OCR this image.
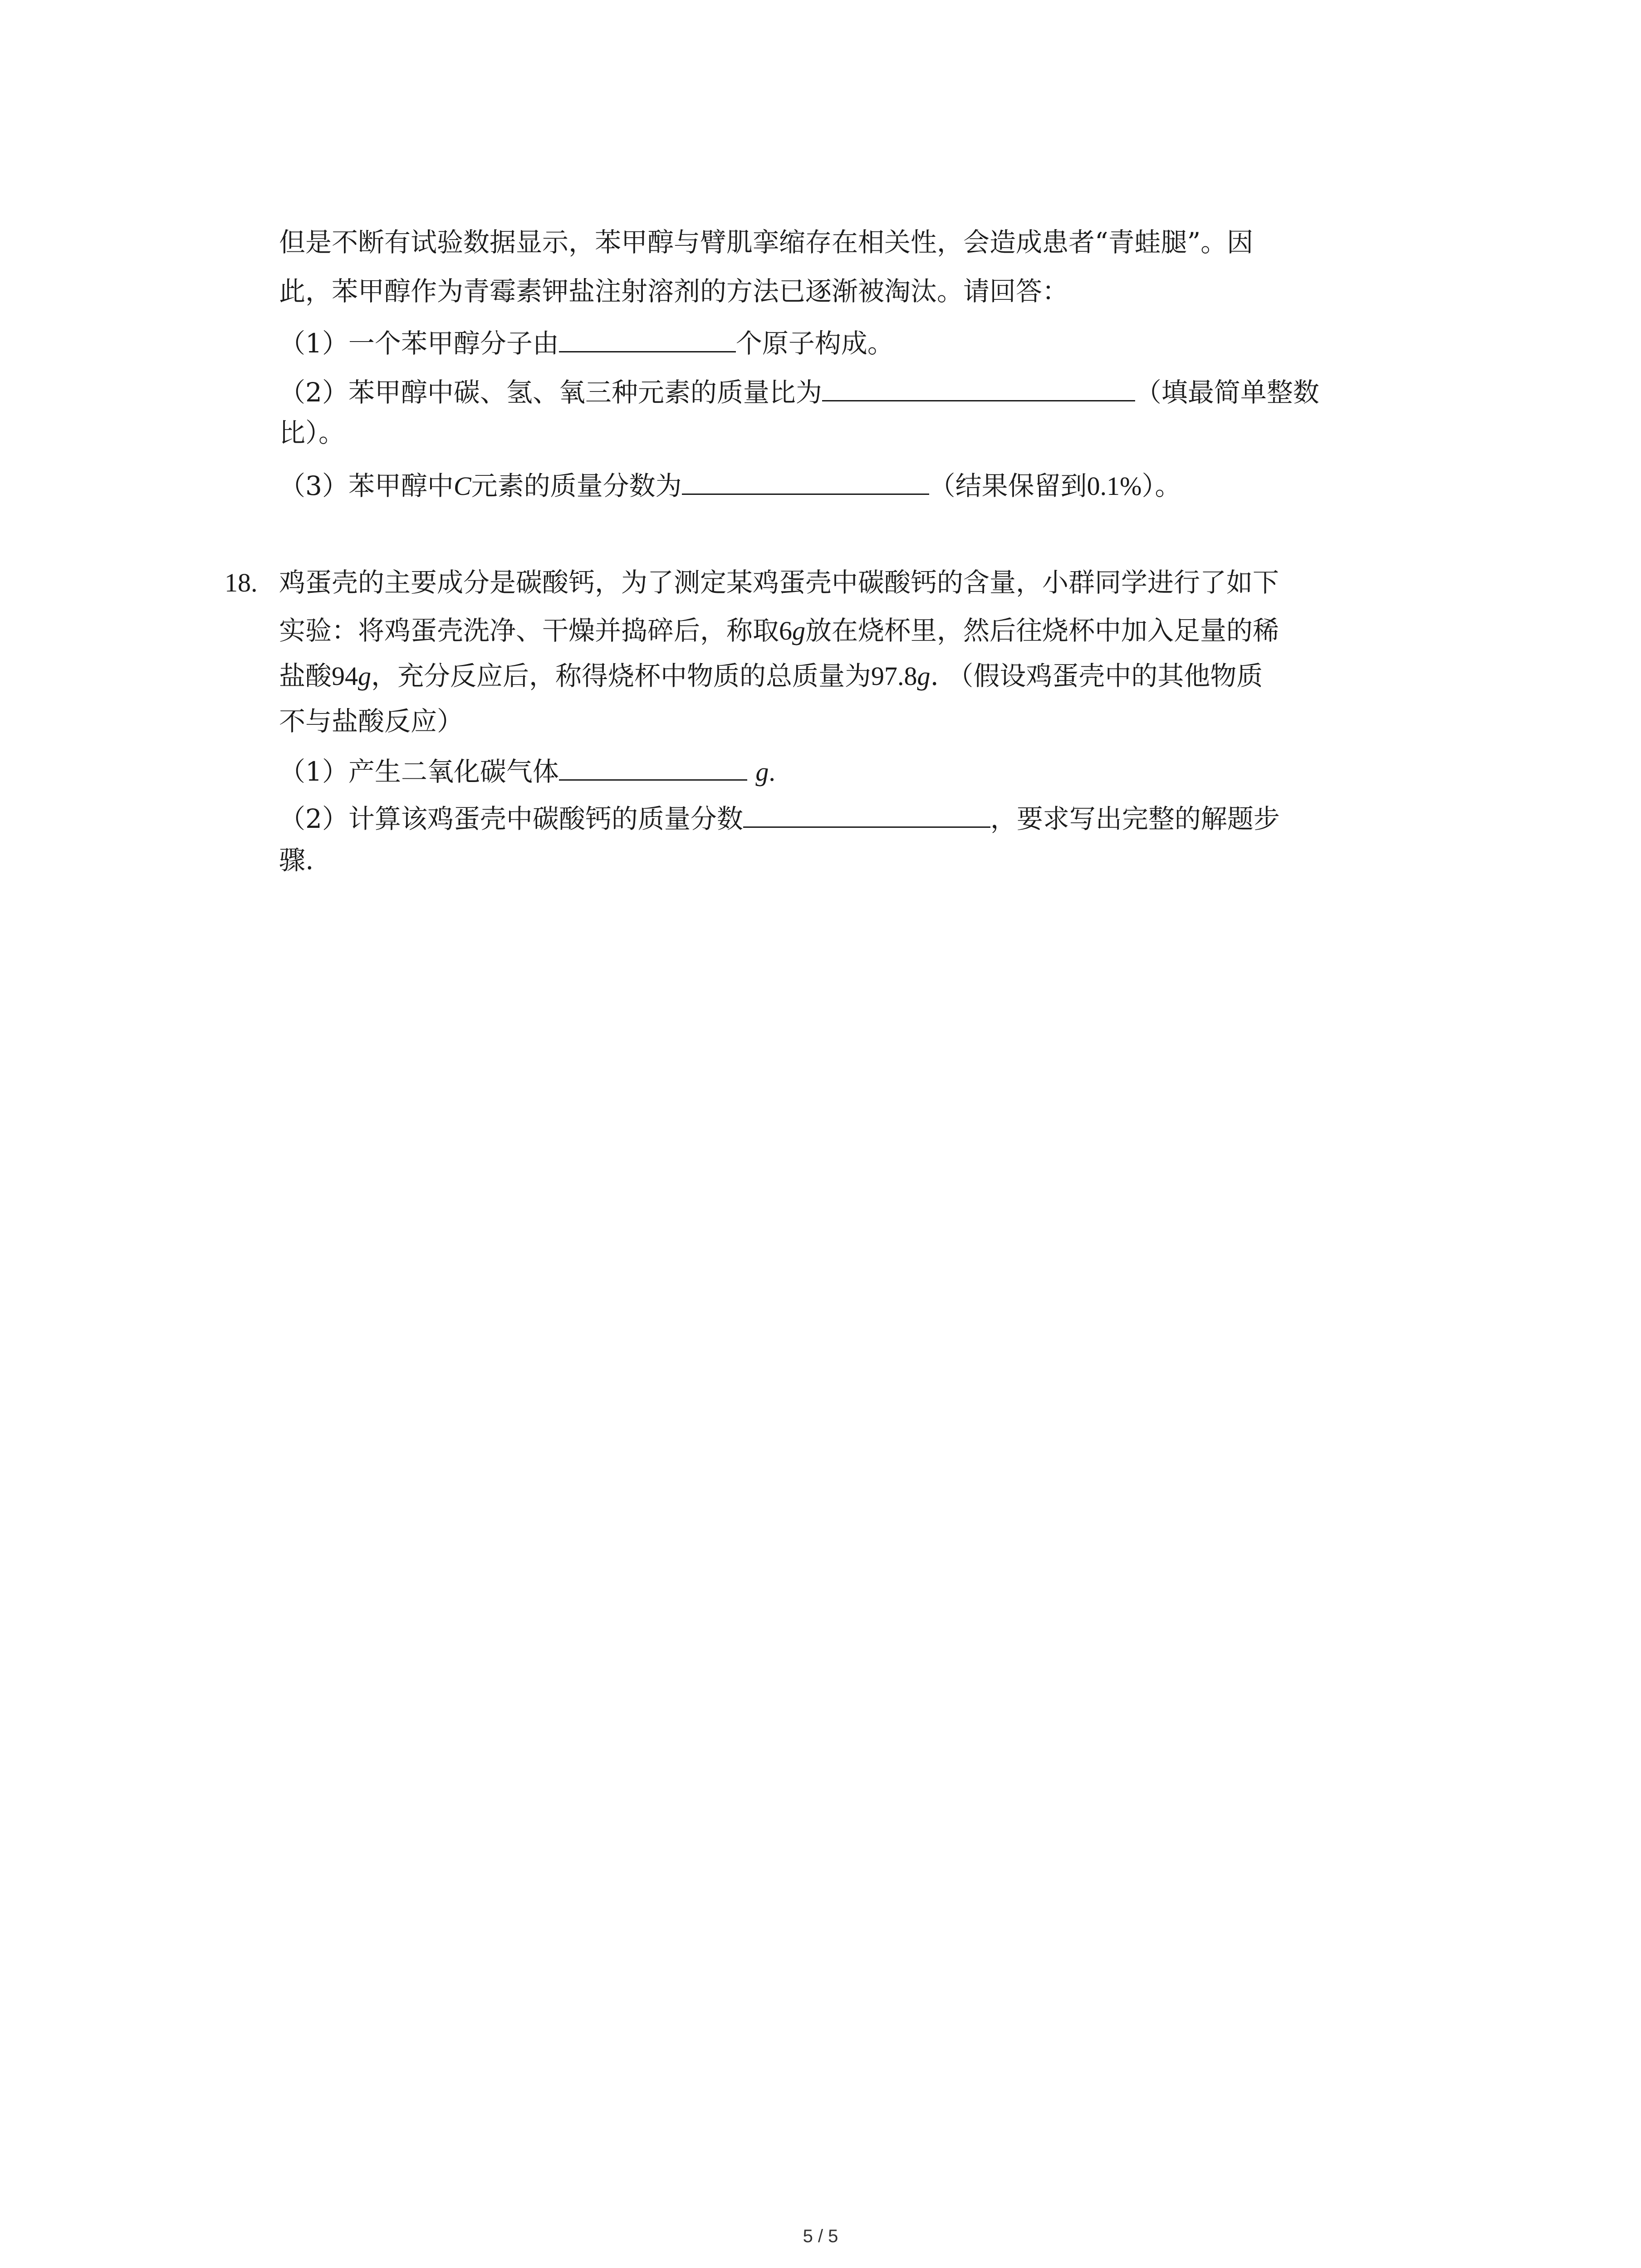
但是不断有试验数据显示，苯甲醇与臂肌挛缩存在相关性，会造成患者“青蛙腿”。因
此，苯甲醇作为青霉素钾盐注射溶剂的方法已逐渐被淘汰。请回答：
（1）一个苯甲醇分子由	个原子构成。
（2）苯甲醇中碳、氢、氧三种元素的质量比为	（填最简单整数
比）。
（3）苯甲醇中C元素的质量分数为	（结果保留到0.1%）。
18. 鸡蛋壳的主要成分是碳酸钙，为了测定某鸡蛋壳中碳酸钙的含量，小群同学进行了如下
实验：将鸡蛋壳洗净、干燥并捣碎后，称取6g放在烧杯里，然后往烧杯中加入足量的稀
盐酸94g，充分反应后，称得烧杯中物质的总质量为97.8g. （假设鸡蛋壳中的其他物质
不与盐酸反应）
（1）产生二氧化碳气体	g.
（2）计算该鸡蛋壳中碳酸钙的质量分数	，要求写出完整的解题步
骤.
5 / 5
